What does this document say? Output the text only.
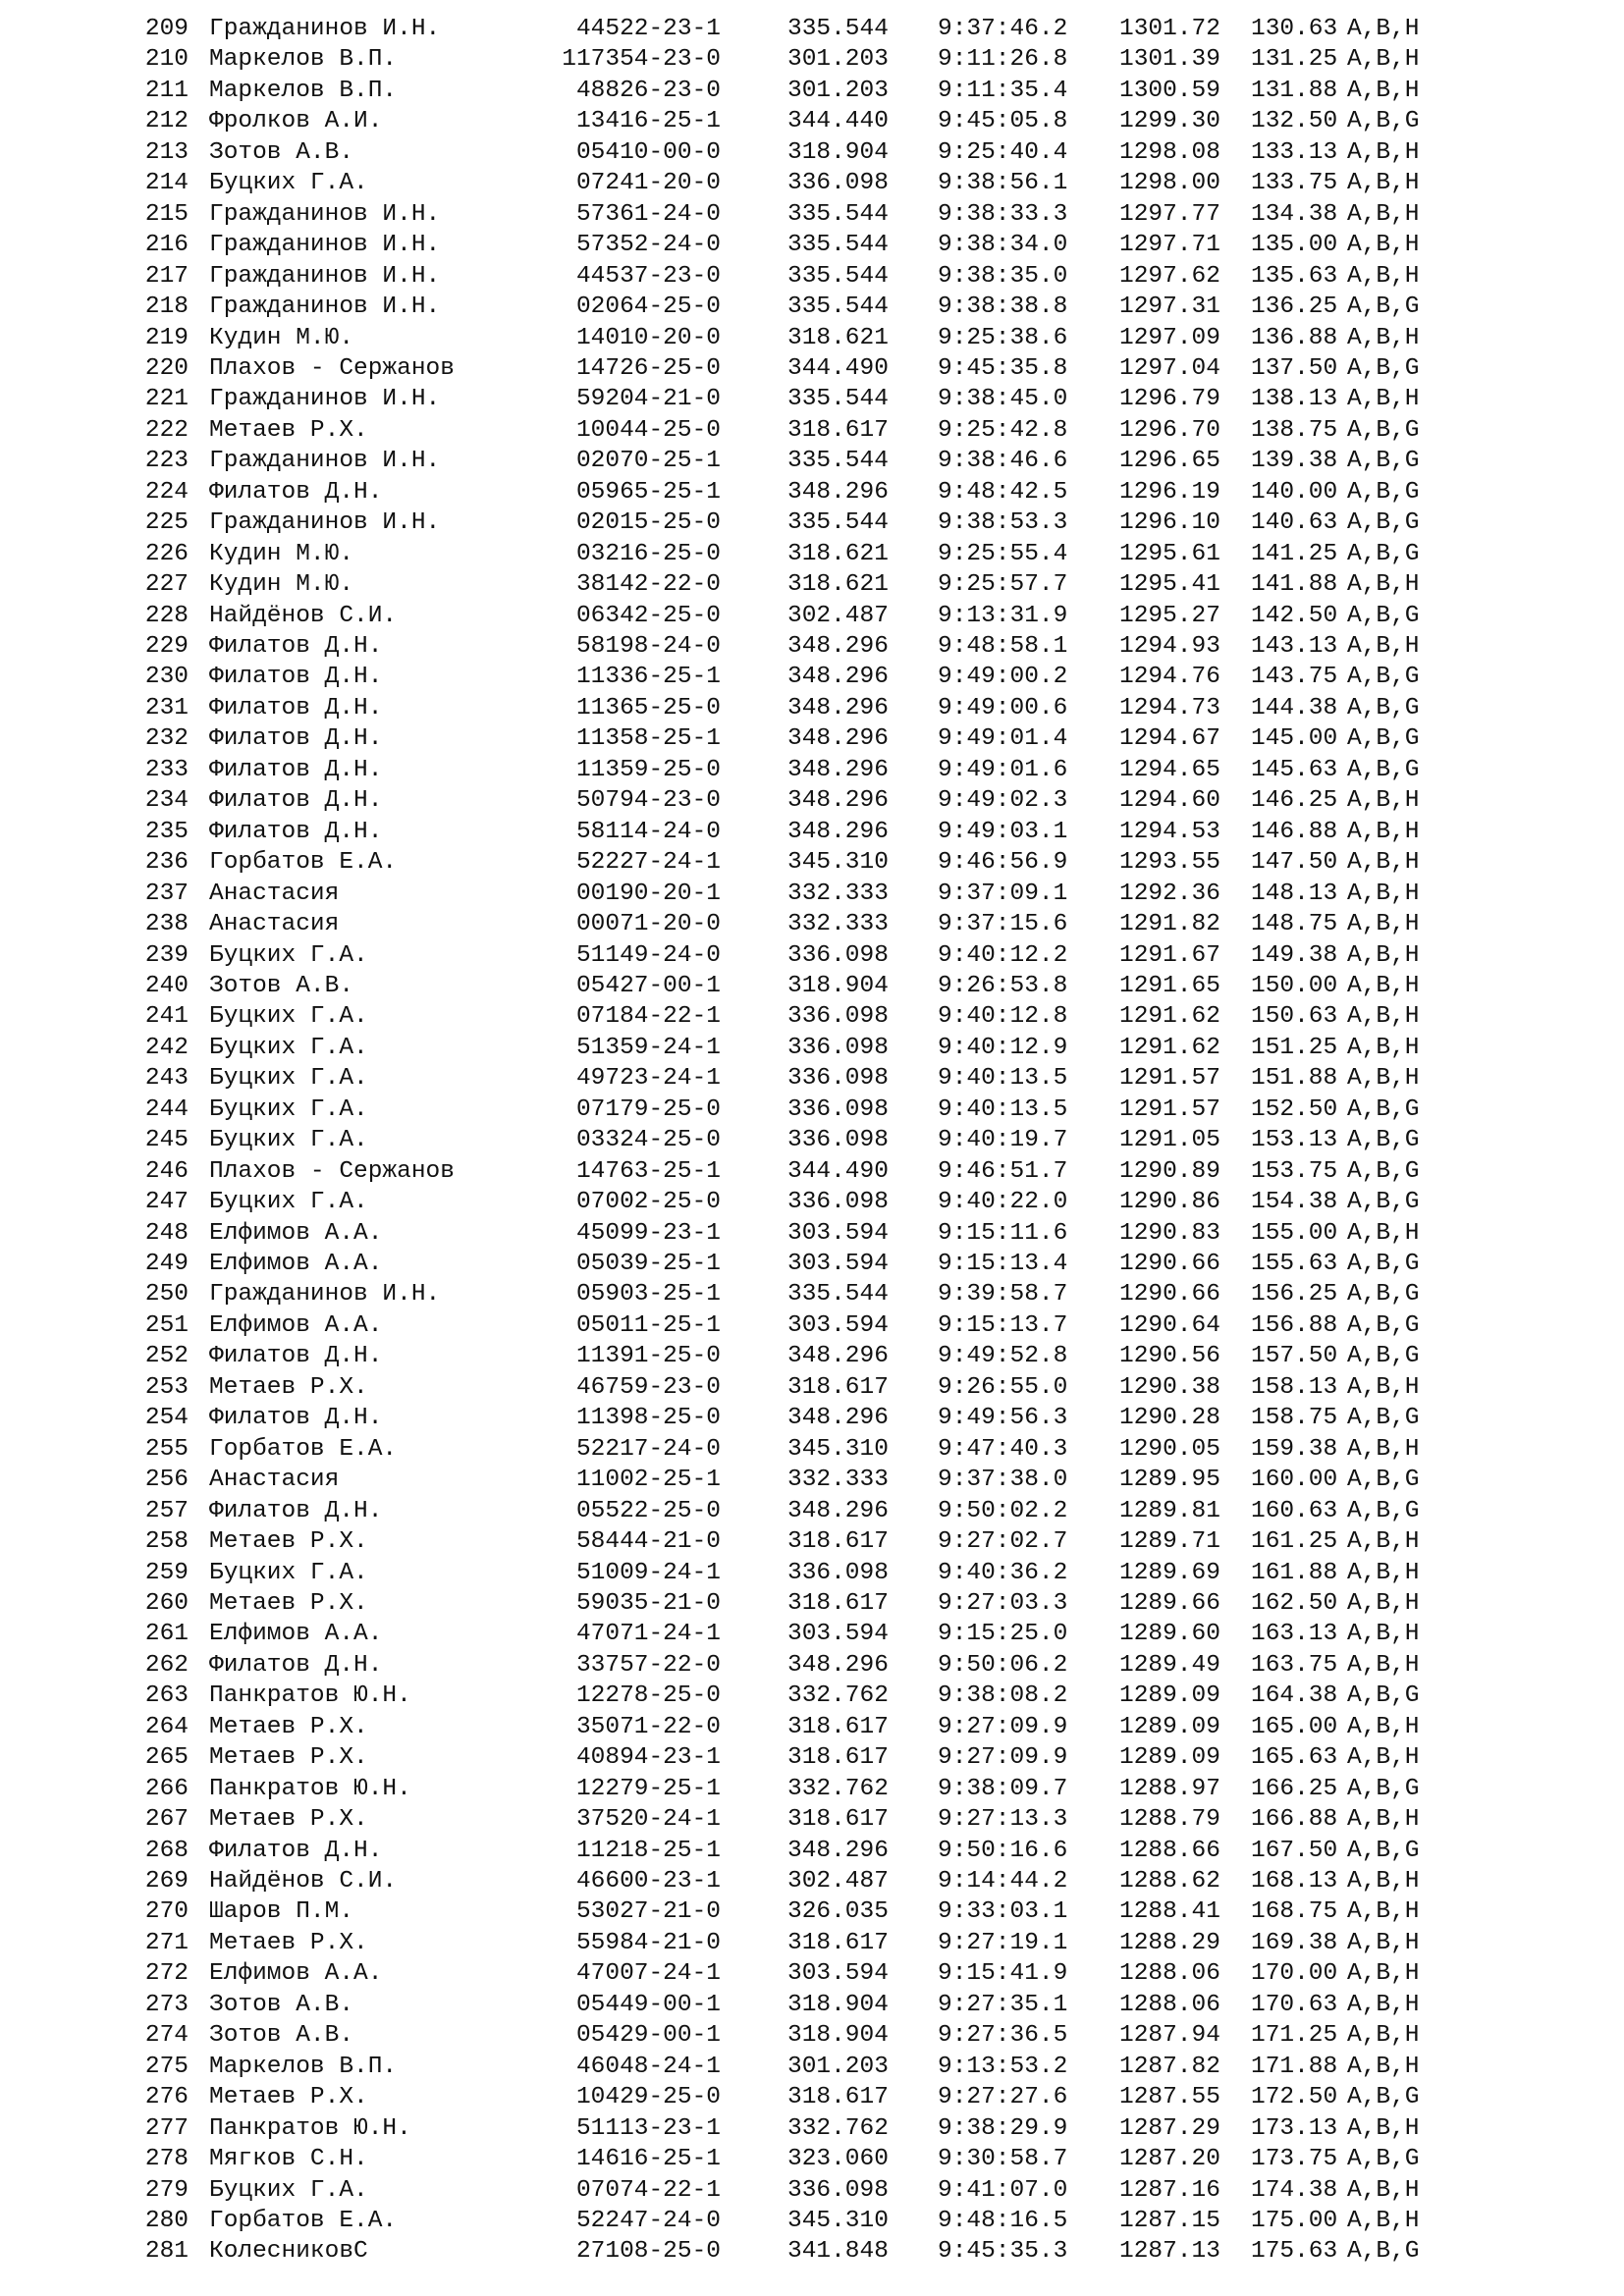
209 Гражданинов И.Н.	44522-23-1	335.544 9:37:46.2 1301.72 130.63 A,B,H
210 Маркелов В.П.	117354-23-0	301.203 9:11:26.8 1301.39 131.25 A,B,H
211 Маркелов В.П.	48826-23-0	301.203 9:11:35.4 1300.59 131.88 A,B,H
212 Фролков А.И.	13416-25-1	344.440 9:45:05.8 1299.30 132.50 A,B,G
213 Зотов А.В.	05410-00-0	318.904 9:25:40.4 1298.08 133.13 A,B,H
214 Буцких Г.А.	07241-20-0	336.098 9:38:56.1 1298.00 133.75 A,B,H
215 Гражданинов И.Н.	57361-24-0	335.544 9:38:33.3 1297.77 134.38 A,B,H
216 Гражданинов И.Н.	57352-24-0	335.544 9:38:34.0 1297.71 135.00 A,B,H
217 Гражданинов И.Н.	44537-23-0	335.544 9:38:35.0 1297.62 135.63 A,B,H
218 Гражданинов И.Н.	02064-25-0	335.544 9:38:38.8 1297.31 136.25 A,B,G
219 Кудин М.Ю.	14010-20-0	318.621 9:25:38.6 1297.09 136.88 A,B,H
220 Плахов - Сержанов	14726-25-0	344.490 9:45:35.8 1297.04 137.50 A,B,G
221 Гражданинов И.Н.	59204-21-0	335.544 9:38:45.0 1296.79 138.13 A,B,H
222 Метаев Р.Х.	10044-25-0	318.617 9:25:42.8 1296.70 138.75 A,B,G
223 Гражданинов И.Н.	02070-25-1	335.544 9:38:46.6 1296.65 139.38 A,B,G
224 Филатов Д.Н.	05965-25-1	348.296 9:48:42.5 1296.19 140.00 A,B,G
225 Гражданинов И.Н.	02015-25-0	335.544 9:38:53.3 1296.10 140.63 A,B,G
226 Кудин М.Ю.	03216-25-0	318.621 9:25:55.4 1295.61 141.25 A,B,G
227 Кудин М.Ю.	38142-22-0	318.621 9:25:57.7 1295.41 141.88 A,B,H
228 Найдёнов С.И.	06342-25-0	302.487 9:13:31.9 1295.27 142.50 A,B,G
229 Филатов Д.Н.	58198-24-0	348.296 9:48:58.1 1294.93 143.13 A,B,H
230 Филатов Д.Н.	11336-25-1	348.296 9:49:00.2 1294.76 143.75 A,B,G
231 Филатов Д.Н.	11365-25-0	348.296 9:49:00.6 1294.73 144.38 A,B,G
232 Филатов Д.Н.	11358-25-1	348.296 9:49:01.4 1294.67 145.00 A,B,G
233 Филатов Д.Н.	11359-25-0	348.296 9:49:01.6 1294.65 145.63 A,B,G
234 Филатов Д.Н.	50794-23-0	348.296 9:49:02.3 1294.60 146.25 A,B,H
235 Филатов Д.Н.	58114-24-0	348.296 9:49:03.1 1294.53 146.88 A,B,H
236 Горбатов Е.А.	52227-24-1	345.310 9:46:56.9 1293.55 147.50 A,B,H
237 Анастасия	00190-20-1	332.333 9:37:09.1 1292.36 148.13 A,B,H
238 Анастасия	00071-20-0	332.333 9:37:15.6 1291.82 148.75 A,B,H
239 Буцких Г.А.	51149-24-0	336.098 9:40:12.2 1291.67 149.38 A,B,H
240 Зотов А.В.	05427-00-1	318.904 9:26:53.8 1291.65 150.00 A,B,H
241 Буцких Г.А.	07184-22-1	336.098 9:40:12.8 1291.62 150.63 A,B,H
242 Буцких Г.А.	51359-24-1	336.098 9:40:12.9 1291.62 151.25 A,B,H
243 Буцких Г.А.	49723-24-1	336.098 9:40:13.5 1291.57 151.88 A,B,H
244 Буцких Г.А.	07179-25-0	336.098 9:40:13.5 1291.57 152.50 A,B,G
245 Буцких Г.А.	03324-25-0	336.098 9:40:19.7 1291.05 153.13 A,B,G
246 Плахов - Сержанов	14763-25-1	344.490 9:46:51.7 1290.89 153.75 A,B,G
247 Буцких Г.А.	07002-25-0	336.098 9:40:22.0 1290.86 154.38 A,B,G
248 Елфимов А.А.	45099-23-1	303.594 9:15:11.6 1290.83 155.00 A,B,H
249 Елфимов А.А.	05039-25-1	303.594 9:15:13.4 1290.66 155.63 A,B,G
250 Гражданинов И.Н.	05903-25-1	335.544 9:39:58.7 1290.66 156.25 A,B,G
251 Елфимов А.А.	05011-25-1	303.594 9:15:13.7 1290.64 156.88 A,B,G
252 Филатов Д.Н.	11391-25-0	348.296 9:49:52.8 1290.56 157.50 A,B,G
253 Метаев Р.Х.	46759-23-0	318.617 9:26:55.0 1290.38 158.13 A,B,H
254 Филатов Д.Н.	11398-25-0	348.296 9:49:56.3 1290.28 158.75 A,B,G
255 Горбатов Е.А.	52217-24-0	345.310 9:47:40.3 1290.05 159.38 A,B,H
256 Анастасия	11002-25-1	332.333 9:37:38.0 1289.95 160.00 A,B,G
257 Филатов Д.Н.	05522-25-0	348.296 9:50:02.2 1289.81 160.63 A,B,G
258 Метаев Р.Х.	58444-21-0	318.617 9:27:02.7 1289.71 161.25 A,B,H
259 Буцких Г.А.	51009-24-1	336.098 9:40:36.2 1289.69 161.88 A,B,H
260 Метаев Р.Х.	59035-21-0	318.617 9:27:03.3 1289.66 162.50 A,B,H
261 Елфимов А.А.	47071-24-1	303.594 9:15:25.0 1289.60 163.13 A,B,H
262 Филатов Д.Н.	33757-22-0	348.296 9:50:06.2 1289.49 163.75 A,B,H
263 Панкратов Ю.Н.	12278-25-0	332.762 9:38:08.2 1289.09 164.38 A,B,G
264 Метаев Р.Х.	35071-22-0	318.617 9:27:09.9 1289.09 165.00 A,B,H
265 Метаев Р.Х.	40894-23-1	318.617 9:27:09.9 1289.09 165.63 A,B,H
266 Панкратов Ю.Н.	12279-25-1	332.762 9:38:09.7 1288.97 166.25 A,B,G
267 Метаев Р.Х.	37520-24-1	318.617 9:27:13.3 1288.79 166.88 A,B,H
268 Филатов Д.Н.	11218-25-1	348.296 9:50:16.6 1288.66 167.50 A,B,G
269 Найдёнов С.И.	46600-23-1	302.487 9:14:44.2 1288.62 168.13 A,B,H
270 Шаров П.М.	53027-21-0	326.035 9:33:03.1 1288.41 168.75 A,B,H
271 Метаев Р.Х.	55984-21-0	318.617 9:27:19.1 1288.29 169.38 A,B,H
272 Елфимов А.А.	47007-24-1	303.594 9:15:41.9 1288.06 170.00 A,B,H
273 Зотов А.В.	05449-00-1	318.904 9:27:35.1 1288.06 170.63 A,B,H
274 Зотов А.В.	05429-00-1	318.904 9:27:36.5 1287.94 171.25 A,B,H
275 Маркелов В.П.	46048-24-1	301.203 9:13:53.2 1287.82 171.88 A,B,H
276 Метаев Р.Х.	10429-25-0	318.617 9:27:27.6 1287.55 172.50 A,B,G
277 Панкратов Ю.Н.	51113-23-1	332.762 9:38:29.9 1287.29 173.13 A,B,H
278 Мягков С.Н.	14616-25-1	323.060 9:30:58.7 1287.20 173.75 A,B,G
279 Буцких Г.А.	07074-22-1	336.098 9:41:07.0 1287.16 174.38 A,B,H
280 Горбатов Е.А.	52247-24-0	345.310 9:48:16.5 1287.15 175.00 A,B,H
281 КолесниковС	27108-25-0	341.848 9:45:35.3 1287.13 175.63 A,B,G
